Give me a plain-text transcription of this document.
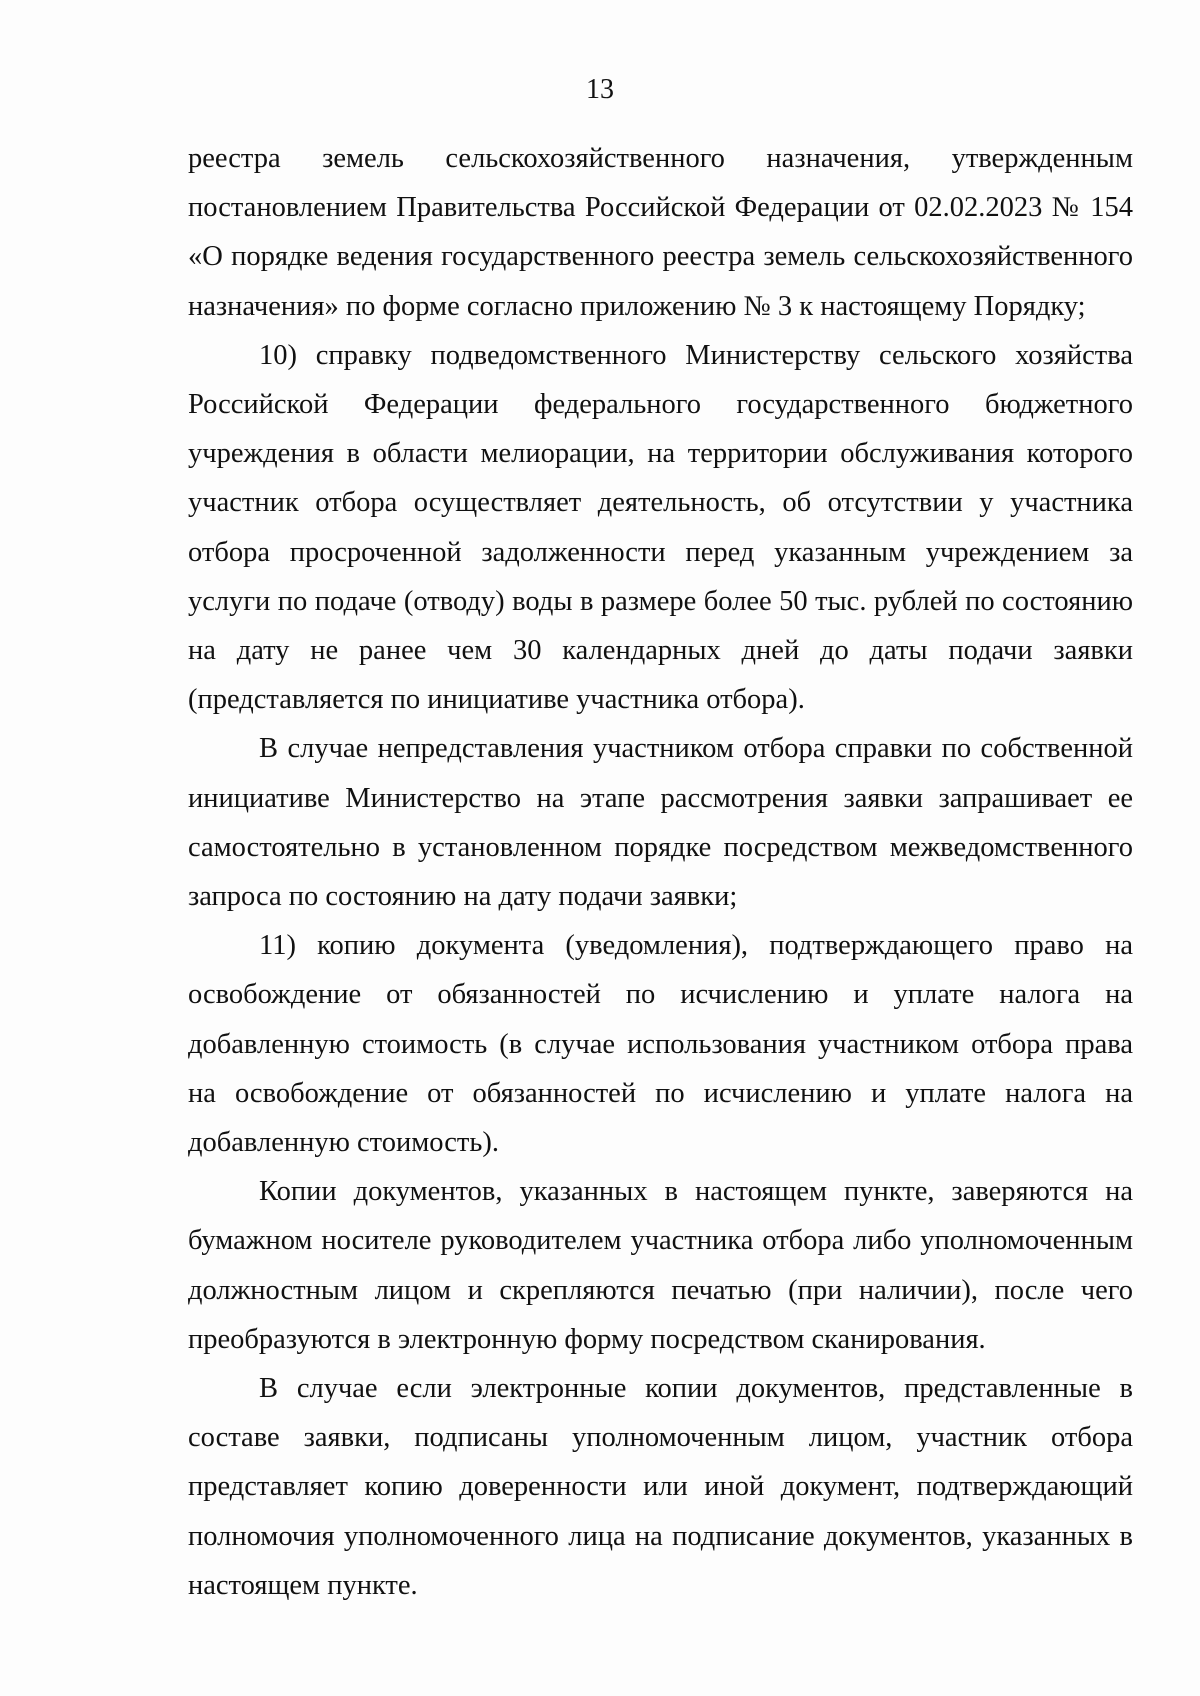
13

реестра земель сельскохозяйственного назначения, утвержденным постановлением Правительства Российской Федерации от 02.02.2023 № 154 «О порядке ведения государственного реестра земель сельскохозяйственного назначения» по форме согласно приложению № 3 к настоящему Порядку;

10) справку подведомственного Министерству сельского хозяйства Российской Федерации федерального государственного бюджетного учреждения в области мелиорации, на территории обслуживания которого участник отбора осуществляет деятельность, об отсутствии у участника отбора просроченной задолженности перед указанным учреждением за услуги по подаче (отводу) воды в размере более 50 тыс. рублей по состоянию на дату не ранее чем 30 календарных дней до даты подачи заявки (представляется по инициативе участника отбора).

В случае непредставления участником отбора справки по собственной инициативе Министерство на этапе рассмотрения заявки запрашивает ее самостоятельно в установленном порядке посредством межведомственного запроса по состоянию на дату подачи заявки;

11) копию документа (уведомления), подтверждающего право на освобождение от обязанностей по исчислению и уплате налога на добавленную стоимость (в случае использования участником отбора права на освобождение от обязанностей по исчислению и уплате налога на добавленную стоимость).

Копии документов, указанных в настоящем пункте, заверяются на бумажном носителе руководителем участника отбора либо уполномоченным должностным лицом и скрепляются печатью (при наличии), после чего преобразуются в электронную форму посредством сканирования.

В случае если электронные копии документов, представленные в составе заявки, подписаны уполномоченным лицом, участник отбора представляет копию доверенности или иной документ, подтверждающий полномочия уполномоченного лица на подписание документов, указанных в настоящем пункте.
